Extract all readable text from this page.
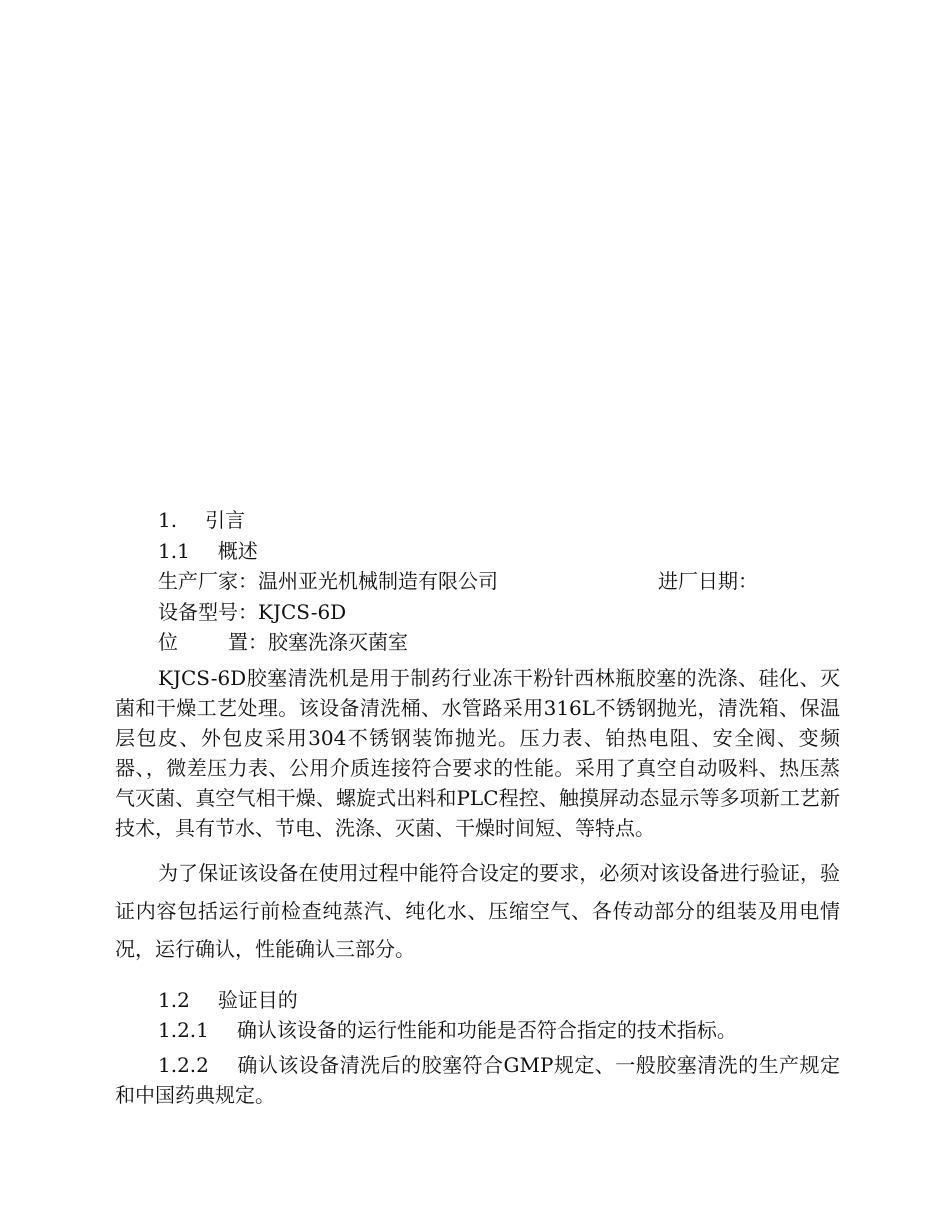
1. 引言
1.1 概述
生产厂家：温州亚光机械制造有限公司	进厂日期：
设备型号：KJCS-6D
位	置：胶塞洗涤灭菌室

KJCS-6D胶塞清洗机是用于制药行业冻干粉针西林瓶胶塞的洗涤、硅化、灭菌和干燥工艺处理。该设备清洗桶、水管路采用316L不锈钢抛光，清洗箱、保温层包皮、外包皮采用304不锈钢装饰抛光。压力表、铂热电阻、安全阀、变频器、，微差压力表、公用介质连接符合要求的性能。采用了真空自动吸料、热压蒸气灭菌、真空气相干燥、螺旋式出料和PLC程控、触摸屏动态显示等多项新工艺新技术，具有节水、节电、洗涤、灭菌、干燥时间短、等特点。

为了保证该设备在使用过程中能符合设定的要求，必须对该设备进行验证，验证内容包括运行前检查纯蒸汽、纯化水、压缩空气、各传动部分的组装及用电情况，运行确认，性能确认三部分。

1.2 验证目的
1.2.1 确认该设备的运行性能和功能是否符合指定的技术指标。

1.2.2 确认该设备清洗后的胶塞符合GMP规定、一般胶塞清洗的生产规定和中国药典规定。
